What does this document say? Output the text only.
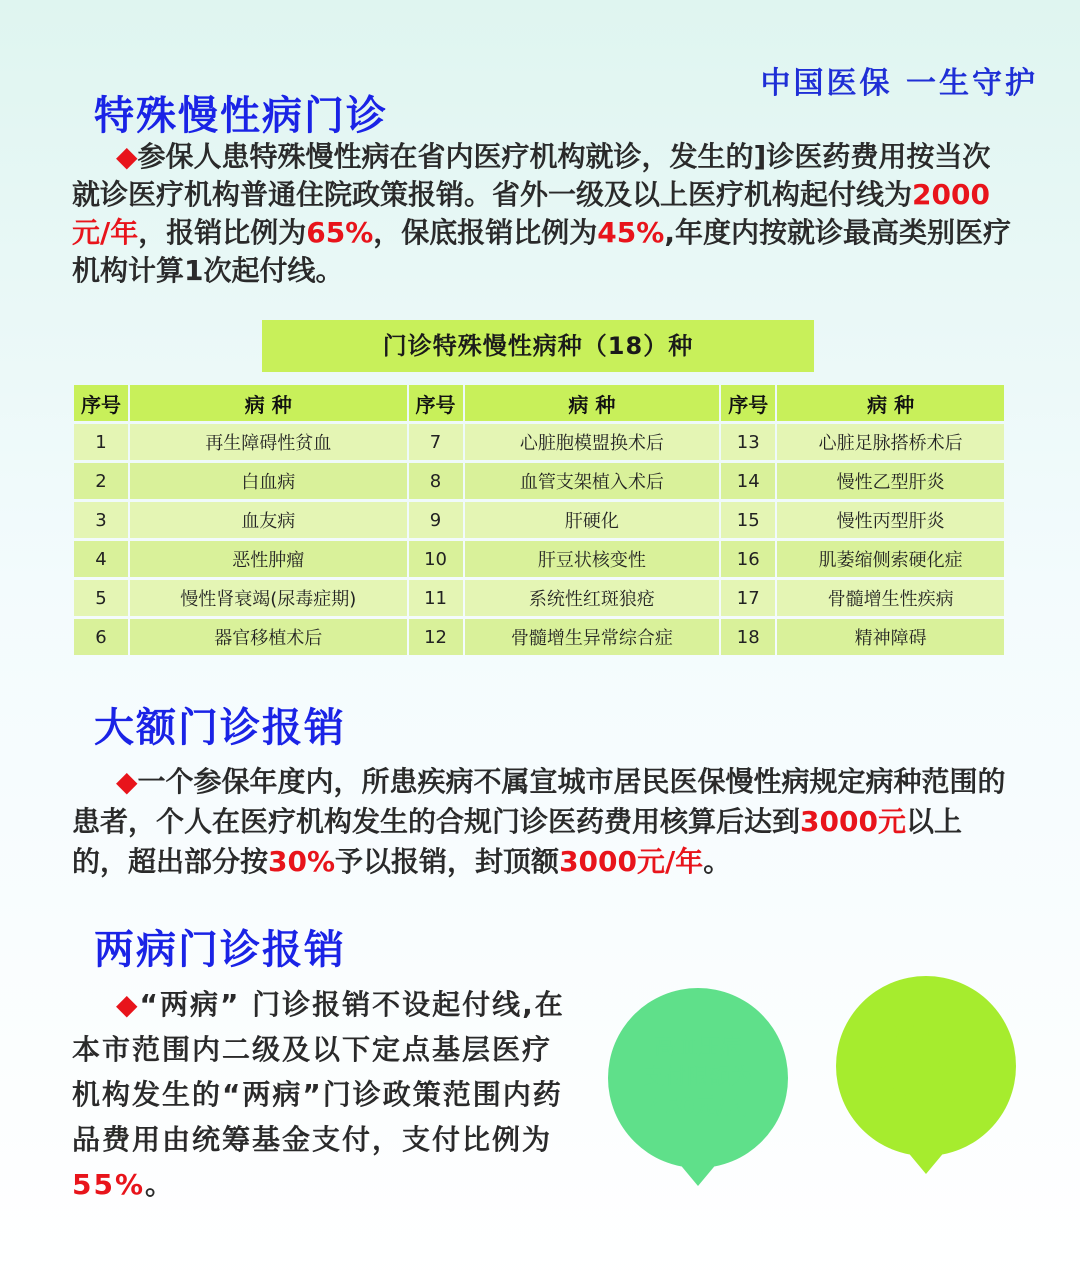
中国医保 一生守护
特殊慢性病门诊
◆参保人患特殊慢性病在省内医疗机构就诊，发生的]诊医药费用按当次就诊医疗机构普通住院政策报销。省外一级及以上医疗机构起付线为2000元/年，报销比例为65%，保底报销比例为45%,年度内按就诊最高类别医疗机构计算1次起付线。
门诊特殊慢性病种（18）种
序号	病 种	序号	病 种	序号	病 种
1	再生障碍性贫血	7	心脏胞模盟换术后	13	心脏足脉搭桥术后
2	白血病	8	血管支架植入术后	14	慢性乙型肝炎
3	血友病	9	肝硬化	15	慢性丙型肝炎
4	恶性肿瘤	10	肝豆状核变性	16	肌萎缩侧索硬化症
5	慢性肾衰竭(尿毒症期)	11	系统性红斑狼疮	17	骨髓增生性疾病
6	器官移植术后	12	骨髓增生异常综合症	18	精神障碍
大额门诊报销
◆一个参保年度内，所患疾病不属宣城市居民医保慢性病规定病种范围的患者，个人在医疗机构发生的合规门诊医药费用核算后达到3000元以上的，超出部分按30%予以报销，封顶额3000元/年。
两病门诊报销
◆“两病” 门诊报销不设起付线,在本市范围内二级及以下定点基层医疗机构发生的“两病”门诊政策范围内药品费用由统筹基金支付，支付比例为55%。
高血压病
支付限额为
450元/人
糖尿病
支付限额为
550元人
